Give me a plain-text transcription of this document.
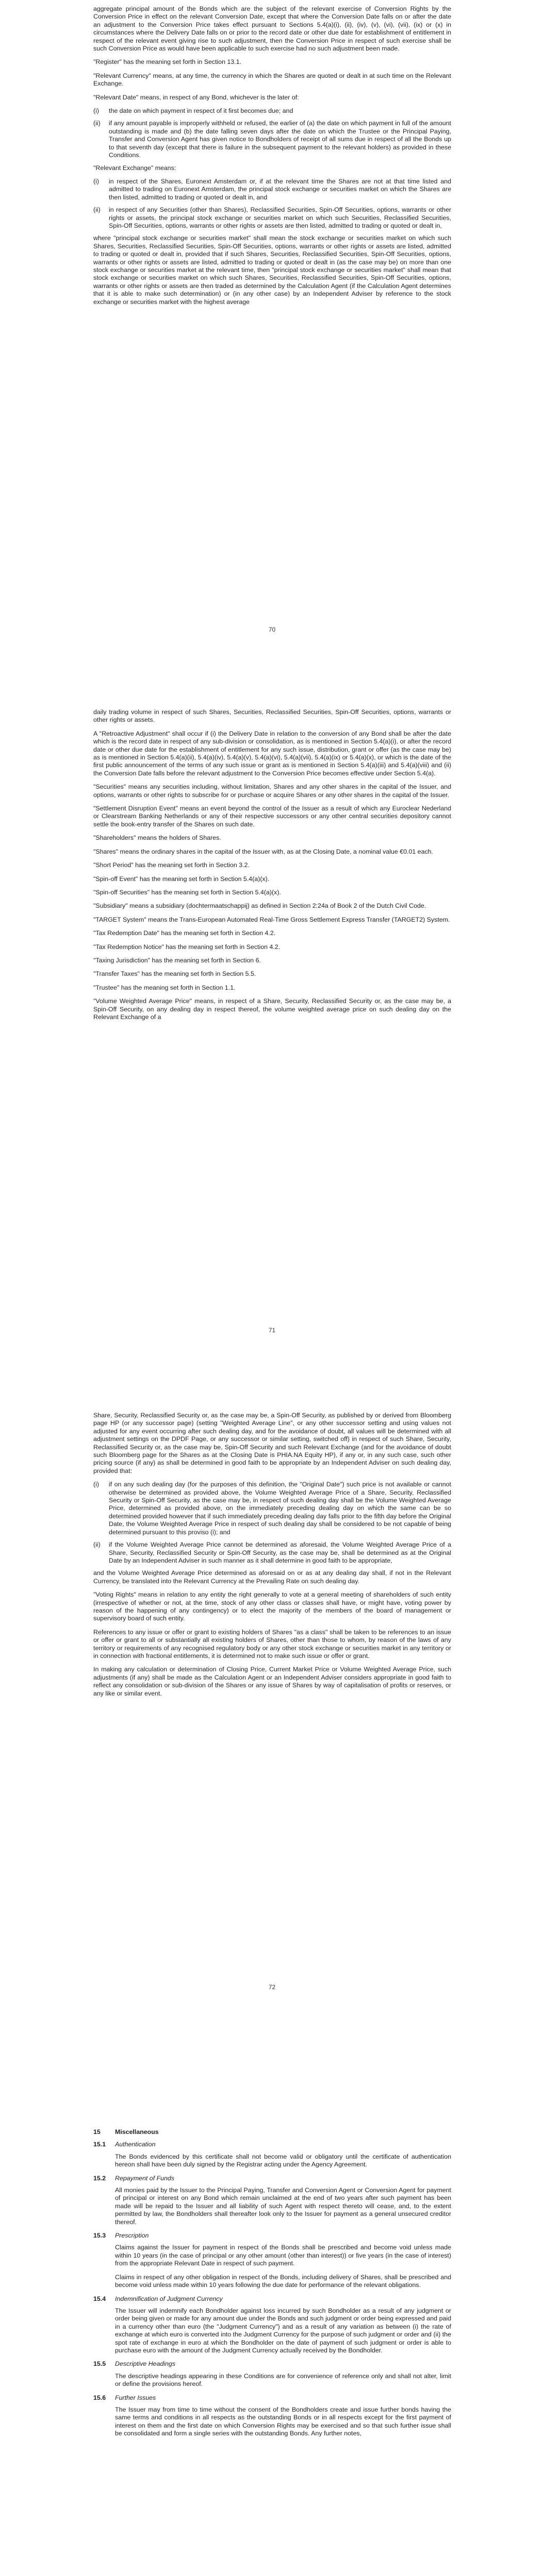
aggregate principal amount of the Bonds which are the subject of the relevant exercise of Conversion Rights by the Conversion Price in effect on the relevant Conversion Date, except that where the Conversion Date falls on or after the date an adjustment to the Conversion Price takes effect pursuant to Sections 5.4(a)(i), (ii), (iv), (v), (vi), (vii), (ix) or (x) in circumstances where the Delivery Date falls on or prior to the record date or other due date for establishment of entitlement in respect of the relevant event giving rise to such adjustment, then the Conversion Price in respect of such exercise shall be such Conversion Price as would have been applicable to such exercise had no such adjustment been made.

"Register" has the meaning set forth in Section 13.1.

"Relevant Currency" means, at any time, the currency in which the Shares are quoted or dealt in at such time on the Relevant Exchange.

"Relevant Date" means, in respect of any Bond, whichever is the later of:

(i)	the date on which payment in respect of it first becomes due; and
(ii)	if any amount payable is improperly withheld or refused, the earlier of (a) the date on which payment in full of the amount outstanding is made and (b) the date falling seven days after the date on which the Trustee or the Principal Paying, Transfer and Conversion Agent has given notice to Bondholders of receipt of all sums due in respect of all the Bonds up to that seventh day (except that there is failure in the subsequent payment to the relevant holders) as provided in these Conditions.

"Relevant Exchange" means:

(i)	in respect of the Shares, Euronext Amsterdam or, if at the relevant time the Shares are not at that time listed and admitted to trading on Euronext Amsterdam, the principal stock exchange or securities market on which the Shares are then listed, admitted to trading or quoted or dealt in, and
(ii)	in respect of any Securities (other than Shares), Reclassified Securities, Spin-Off Securities, options, warrants or other rights or assets, the principal stock exchange or securities market on which such Securities, Reclassified Securities, Spin-Off Securities, options, warrants or other rights or assets are then listed, admitted to trading or quoted or dealt in,

where "principal stock exchange or securities market" shall mean the stock exchange or securities market on which such Shares, Securities, Reclassified Securities, Spin-Off Securities, options, warrants or other rights or assets are listed, admitted to trading or quoted or dealt in, provided that if such Shares, Securities, Reclassified Securities, Spin-Off Securities, options, warrants or other rights or assets are listed, admitted to trading or quoted or dealt in (as the case may be) on more than one stock exchange or securities market at the relevant time, then "principal stock exchange or securities market" shall mean that stock exchange or securities market on which such Shares, Securities, Reclassified Securities, Spin-Off Securities, options, warrants or other rights or assets are then traded as determined by the Calculation Agent (if the Calculation Agent determines that it is able to make such determination) or (in any other case) by an Independent Adviser by reference to the stock exchange or securities market with the highest average

70

daily trading volume in respect of such Shares, Securities, Reclassified Securities, Spin-Off Securities, options, warrants or other rights or assets.

A "Retroactive Adjustment" shall occur if (i) the Delivery Date in relation to the conversion of any Bond shall be after the date which is the record date in respect of any sub-division or consolidation, as is mentioned in Section 5.4(a)(i), or after the record date or other due date for the establishment of entitlement for any such issue, distribution, grant or offer (as the case may be) as is mentioned in Section 5.4(a)(ii), 5.4(a)(iv), 5.4(a)(v), 5.4(a)(vi), 5.4(a)(vii), 5.4(a)(ix) or 5.4(a)(x), or which is the date of the first public announcement of the terms of any such issue or grant as is mentioned in Section 5.4(a)(iii) and 5.4(a)(viii) and (ii) the Conversion Date falls before the relevant adjustment to the Conversion Price becomes effective under Section 5.4(a).

"Securities" means any securities including, without limitation, Shares and any other shares in the capital of the Issuer, and options, warrants or other rights to subscribe for or purchase or acquire Shares or any other shares in the capital of the Issuer.

"Settlement Disruption Event" means an event beyond the control of the Issuer as a result of which any Euroclear Nederland or Clearstream Banking Netherlands or any of their respective successors or any other central securities depository cannot settle the book-entry transfer of the Shares on such date.

"Shareholders" means the holders of Shares.

"Shares" means the ordinary shares in the capital of the Issuer with, as at the Closing Date, a nominal value €0.01 each.

"Short Period" has the meaning set forth in Section 3.2.

"Spin-off Event" has the meaning set forth in Section 5.4(a)(x).

"Spin-off Securities" has the meaning set forth in Section 5.4(a)(x).

"Subsidiary" means a subsidiary (dochtermaatschappij) as defined in Section 2:24a of Book 2 of the Dutch Civil Code.

"TARGET System" means the Trans-European Automated Real-Time Gross Settlement Express Transfer (TARGET2) System.

"Tax Redemption Date" has the meaning set forth in Section 4.2.

"Tax Redemption Notice" has the meaning set forth in Section 4.2.

"Taxing Jurisdiction" has the meaning set forth in Section 6.

"Transfer Taxes" has the meaning set forth in Section 5.5.

"Trustee" has the meaning set forth in Section 1.1.

"Volume Weighted Average Price" means, in respect of a Share, Security, Reclassified Security or, as the case may be, a Spin-Off Security, on any dealing day in respect thereof, the volume weighted average price on such dealing day on the Relevant Exchange of a

71

Share, Security, Reclassified Security or, as the case may be, a Spin-Off Security, as published by or derived from Bloomberg page HP (or any successor page) (setting "Weighted Average Line", or any other successor setting and using values not adjusted for any event occurring after such dealing day, and for the avoidance of doubt, all values will be determined with all adjustment settings on the DPDF Page, or any successor or similar setting, switched off) in respect of such Share, Security, Reclassified Security or, as the case may be, Spin-Off Security and such Relevant Exchange (and for the avoidance of doubt such Bloomberg page for the Shares as at the Closing Date is PHIA.NA Equity HP), if any or, in any such case, such other pricing source (if any) as shall be determined in good faith to be appropriate by an Independent Adviser on such dealing day, provided that:

(i)	if on any such dealing day (for the purposes of this definition, the "Original Date") such price is not available or cannot otherwise be determined as provided above, the Volume Weighted Average Price of a Share, Security, Reclassified Security or Spin-Off Security, as the case may be, in respect of such dealing day shall be the Volume Weighted Average Price, determined as provided above, on the immediately preceding dealing day on which the same can be so determined provided however that if such immediately preceding dealing day falls prior to the fifth day before the Original Date, the Volume Weighted Average Price in respect of such dealing day shall be considered to be not capable of being determined pursuant to this proviso (i); and
(ii)	if the Volume Weighted Average Price cannot be determined as aforesaid, the Volume Weighted Average Price of a Share, Security, Reclassified Security or Spin-Off Security, as the case may be, shall be determined as at the Original Date by an Independent Adviser in such manner as it shall determine in good faith to be appropriate,

and the Volume Weighted Average Price determined as aforesaid on or as at any dealing day shall, if not in the Relevant Currency, be translated into the Relevant Currency at the Prevailing Rate on such dealing day.

"Voting Rights" means in relation to any entity the right generally to vote at a general meeting of shareholders of such entity (irrespective of whether or not, at the time, stock of any other class or classes shall have, or might have, voting power by reason of the happening of any contingency) or to elect the majority of the members of the board of management or supervisory board of such entity.

References to any issue or offer or grant to existing holders of Shares "as a class" shall be taken to be references to an issue or offer or grant to all or substantially all existing holders of Shares, other than those to whom, by reason of the laws of any territory or requirements of any recognised regulatory body or any other stock exchange or securities market in any territory or in connection with fractional entitlements, it is determined not to make such issue or offer or grant.

In making any calculation or determination of Closing Price, Current Market Price or Volume Weighted Average Price, such adjustments (if any) shall be made as the Calculation Agent or an Independent Adviser considers appropriate in good faith to reflect any consolidation or sub-division of the Shares or any issue of Shares by way of capitalisation of profits or reserves, or any like or similar event.

72
15	Miscellaneous
15.1	Authentication

The Bonds evidenced by this certificate shall not become valid or obligatory until the certificate of authentication hereon shall have been duly signed by the Registrar acting under the Agency Agreement.

15.2	Repayment of Funds

All monies paid by the Issuer to the Principal Paying, Transfer and Conversion Agent or Conversion Agent for payment of principal or interest on any Bond which remain unclaimed at the end of two years after such payment has been made will be repaid to the Issuer and all liability of such Agent with respect thereto will cease, and, to the extent permitted by law, the Bondholders shall thereafter look only to the Issuer for payment as a general unsecured creditor thereof.

15.3	Prescription

Claims against the Issuer for payment in respect of the Bonds shall be prescribed and become void unless made within 10 years (in the case of principal or any other amount (other than interest)) or five years (in the case of interest) from the appropriate Relevant Date in respect of such payment.

Claims in respect of any other obligation in respect of the Bonds, including delivery of Shares, shall be prescribed and become void unless made within 10 years following the due date for performance of the relevant obligations.

15.4	Indemnification of Judgment Currency

The Issuer will indemnify each Bondholder against loss incurred by such Bondholder as a result of any judgment or order being given or made for any amount due under the Bonds and such judgment or order being expressed and paid in a currency other than euro (the "Judgment Currency") and as a result of any variation as between (i) the rate of exchange at which euro is converted into the Judgment Currency for the purpose of such judgment or order and (ii) the spot rate of exchange in euro at which the Bondholder on the date of payment of such judgment or order is able to purchase euro with the amount of the Judgment Currency actually received by the Bondholder.

15.5	Descriptive Headings

The descriptive headings appearing in these Conditions are for convenience of reference only and shall not alter, limit or define the provisions hereof.

15.6	Further Issues

The Issuer may from time to time without the consent of the Bondholders create and issue further bonds having the same terms and conditions in all respects as the outstanding Bonds or in all respects except for the first payment of interest on them and the first date on which Conversion Rights may be exercised and so that such further issue shall be consolidated and form a single series with the outstanding Bonds. Any further notes,
